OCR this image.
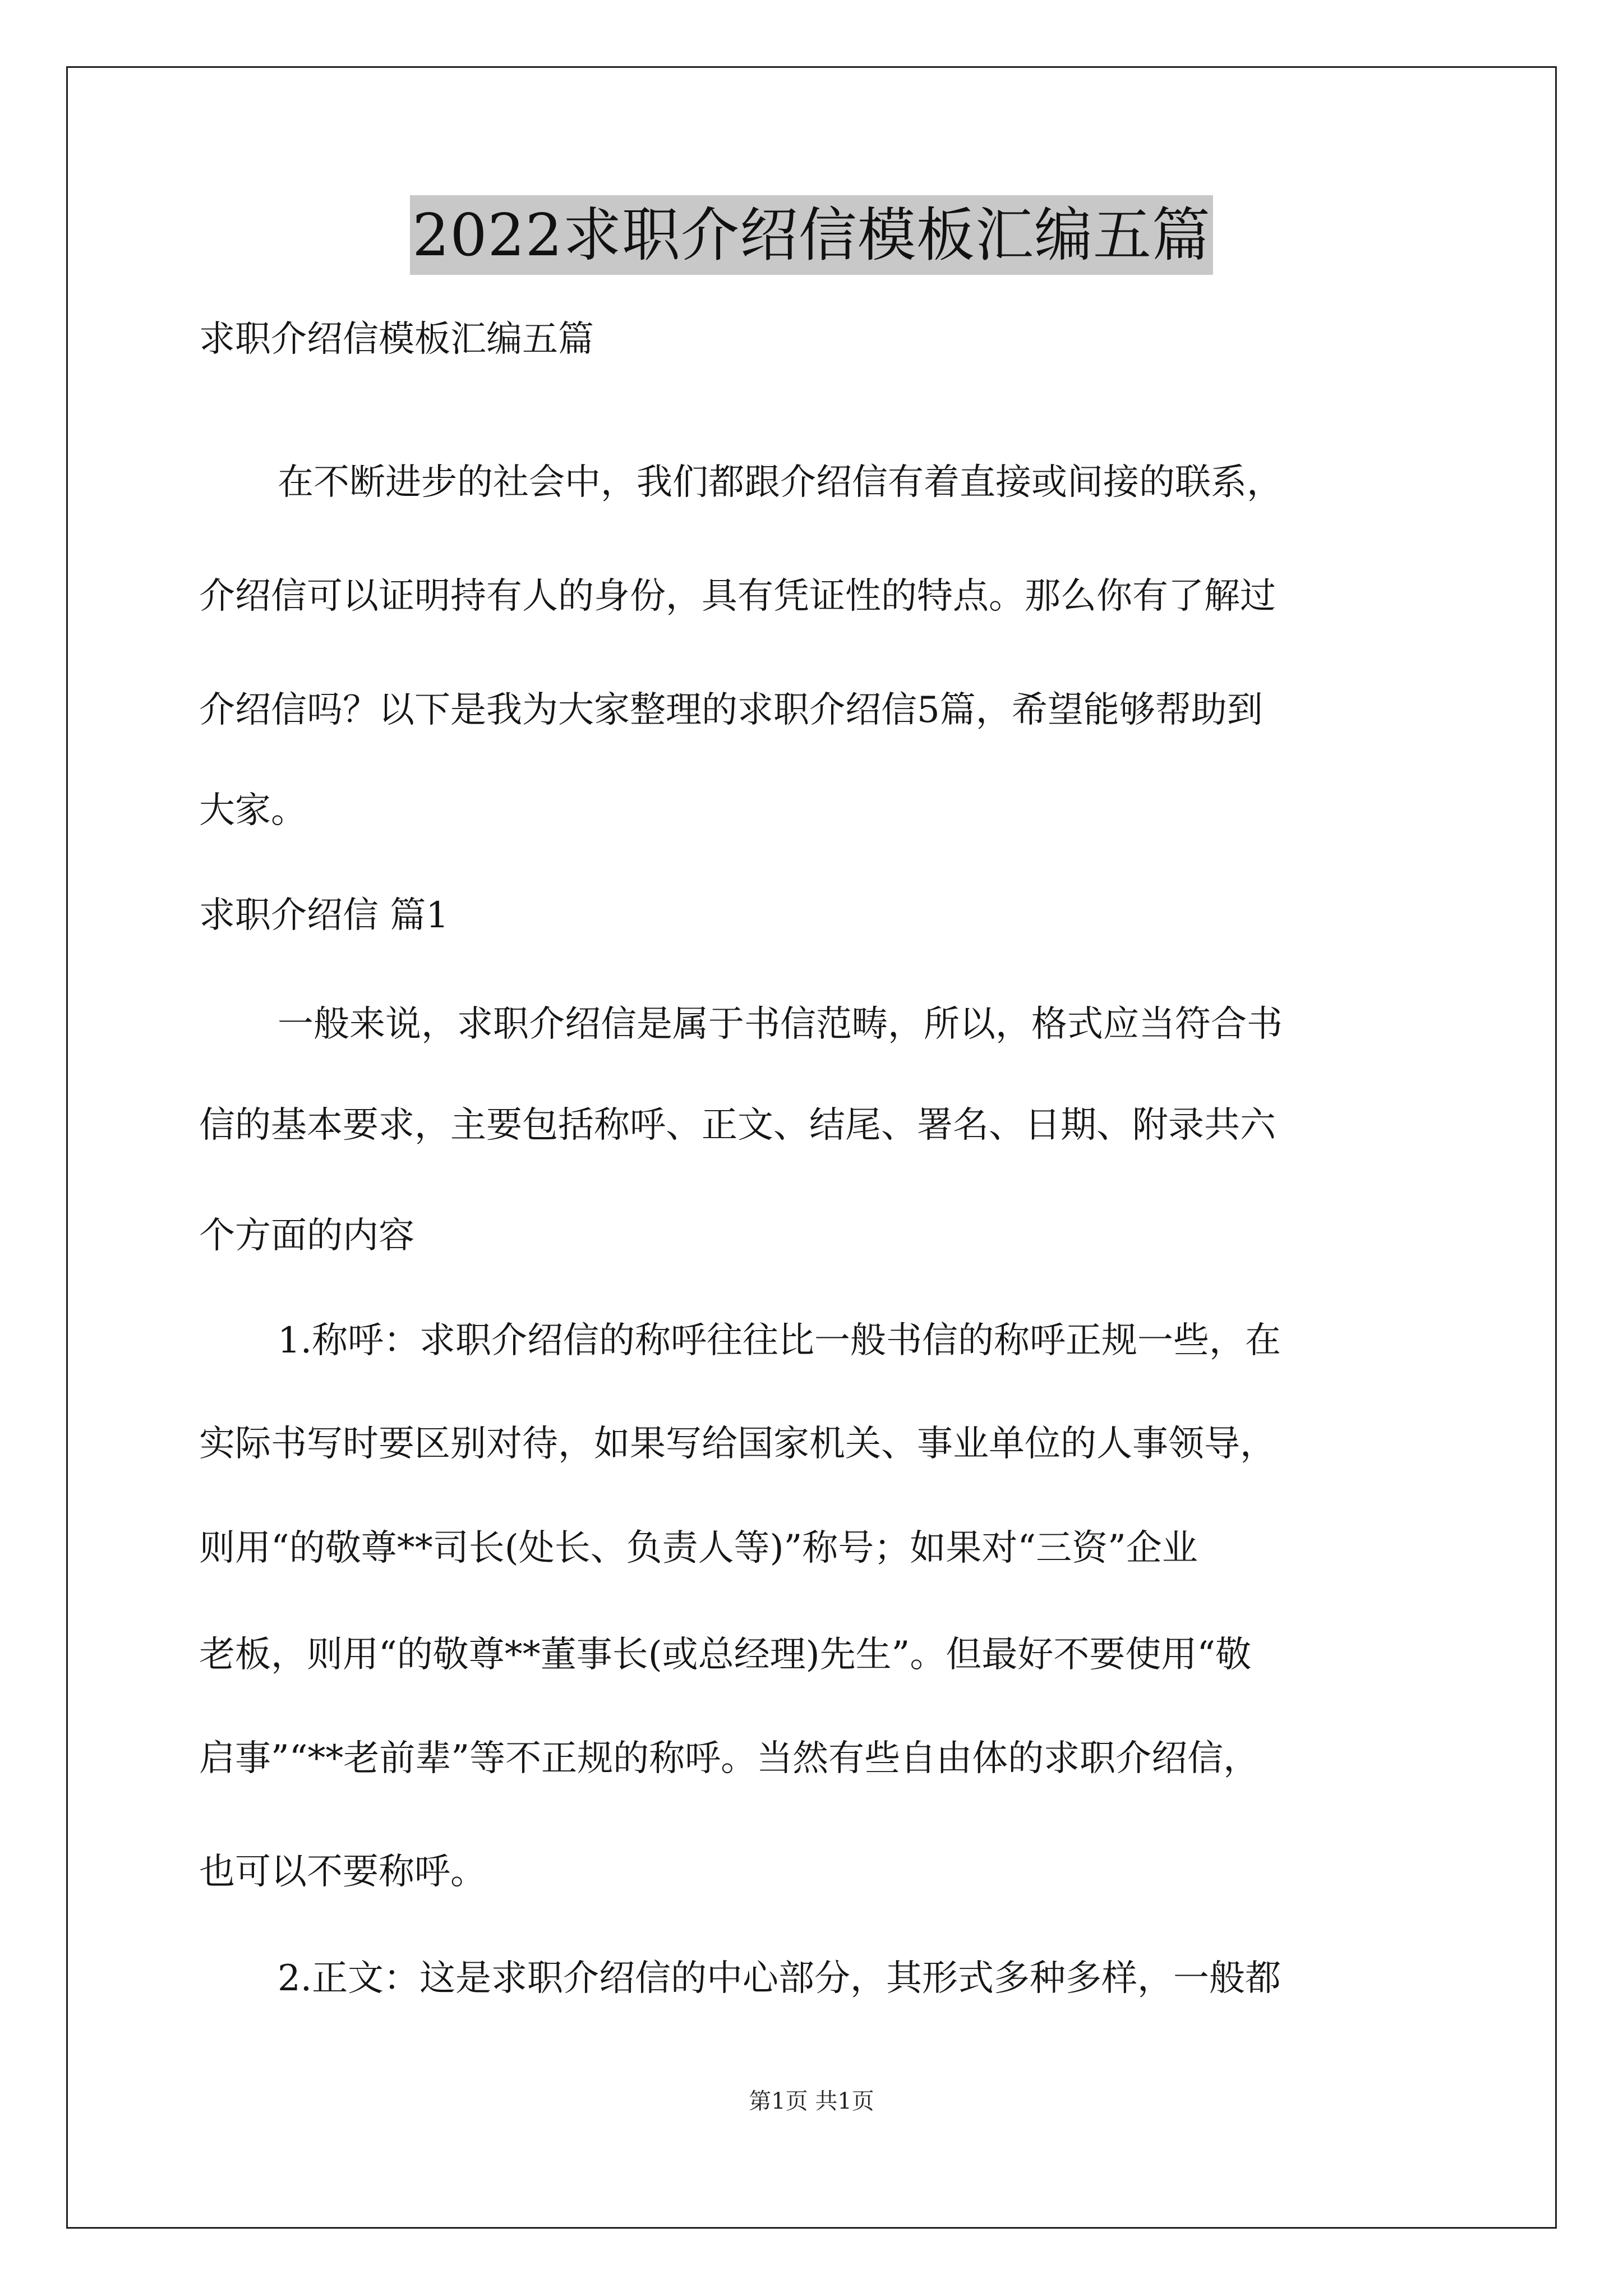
2022求职介绍信模板汇编五篇
求职介绍信模板汇编五篇
在不断进步的社会中，我们都跟介绍信有着直接或间接的联系，
介绍信可以证明持有人的身份，具有凭证性的特点。那么你有了解过
介绍信吗？以下是我为大家整理的求职介绍信5篇，希望能够帮助到
大家。
求职介绍信 篇1
一般来说，求职介绍信是属于书信范畴，所以，格式应当符合书
信的基本要求，主要包括称呼、正文、结尾、署名、日期、附录共六
个方面的内容
1.称呼：求职介绍信的称呼往往比一般书信的称呼正规一些，在
实际书写时要区别对待，如果写给国家机关、事业单位的人事领导，
则用“的敬尊**司长(处长、负责人等)”称号；如果对“三资”企业
老板，则用“的敬尊**董事长(或总经理)先生”。但最好不要使用“敬
启事”“**老前辈”等不正规的称呼。当然有些自由体的求职介绍信，
也可以不要称呼。
2.正文：这是求职介绍信的中心部分，其形式多种多样，一般都
第1页 共1页
